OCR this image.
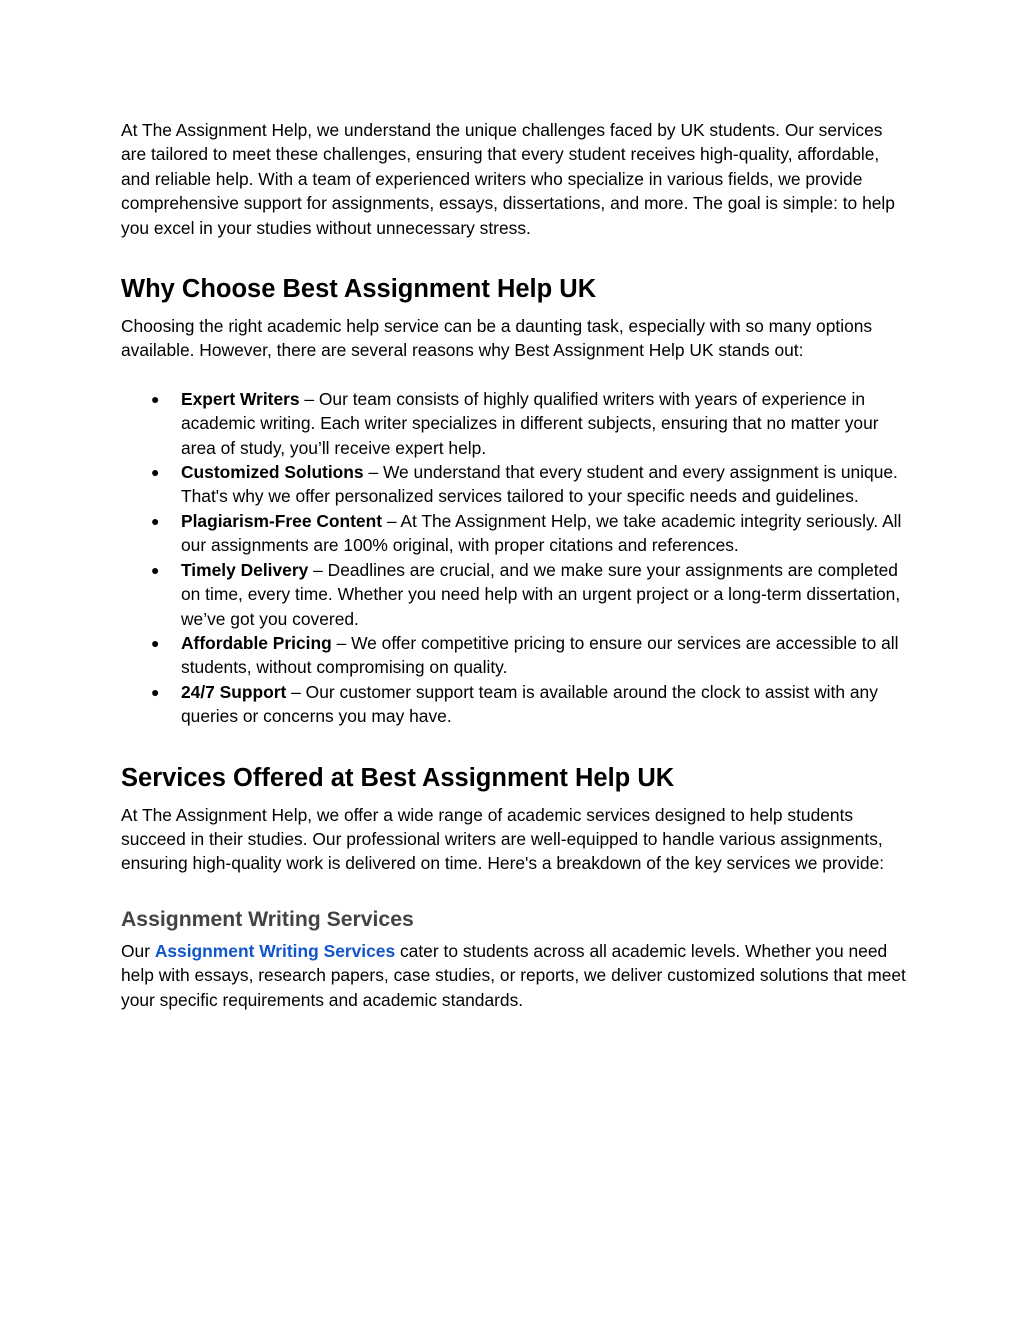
At The Assignment Help, we understand the unique challenges faced by UK students. Our services are tailored to meet these challenges, ensuring that every student receives high-quality, affordable, and reliable help. With a team of experienced writers who specialize in various fields, we provide comprehensive support for assignments, essays, dissertations, and more. The goal is simple: to help you excel in your studies without unnecessary stress.

Why Choose Best Assignment Help UK

Choosing the right academic help service can be a daunting task, especially with so many options available. However, there are several reasons why Best Assignment Help UK stands out:

● Expert Writers – Our team consists of highly qualified writers with years of experience in academic writing. Each writer specializes in different subjects, ensuring that no matter your area of study, you’ll receive expert help.
● Customized Solutions – We understand that every student and every assignment is unique. That's why we offer personalized services tailored to your specific needs and guidelines.
● Plagiarism-Free Content – At The Assignment Help, we take academic integrity seriously. All our assignments are 100% original, with proper citations and references.
● Timely Delivery – Deadlines are crucial, and we make sure your assignments are completed on time, every time. Whether you need help with an urgent project or a long-term dissertation, we’ve got you covered.
● Affordable Pricing – We offer competitive pricing to ensure our services are accessible to all students, without compromising on quality.
● 24/7 Support – Our customer support team is available around the clock to assist with any queries or concerns you may have.
Services Offered at Best Assignment Help UK

At The Assignment Help, we offer a wide range of academic services designed to help students succeed in their studies. Our professional writers are well-equipped to handle various assignments, ensuring high-quality work is delivered on time. Here's a breakdown of the key services we provide:

Assignment Writing Services

Our Assignment Writing Services cater to students across all academic levels. Whether you need help with essays, research papers, case studies, or reports, we deliver customized solutions that meet your specific requirements and academic standards.
